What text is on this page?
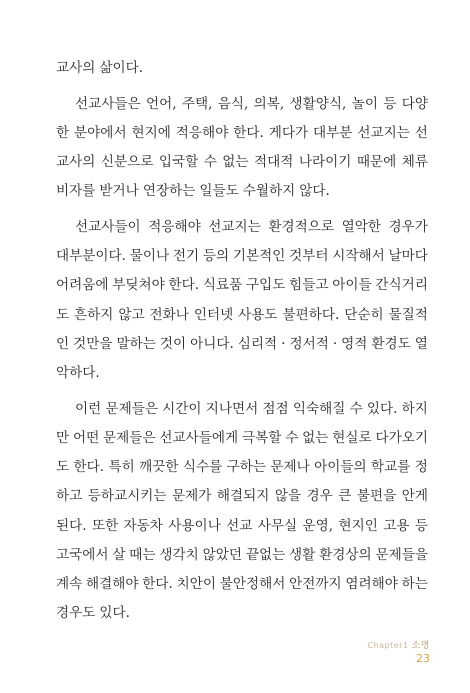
교사의 삶이다.
선교사들은 언어, 주택, 음식, 의복, 생활양식, 놀이 등 다양
한 분야에서 현지에 적응해야 한다. 게다가 대부분 선교지는 선
교사의 신분으로 입국할 수 없는 적대적 나라이기 때문에 체류
비자를 받거나 연장하는 일들도 수월하지 않다.
선교사들이 적응해야 선교지는 환경적으로 열악한 경우가
대부분이다. 물이나 전기 등의 기본적인 것부터 시작해서 날마다
어려움에 부딪쳐야 한다. 식료품 구입도 힘들고 아이들 간식거리
도 흔하지 않고 전화나 인터넷 사용도 불편하다. 단순히 물질적
인 것만을 말하는 것이 아니다. 심리적 · 정서적 · 영적 환경도 열
악하다.
이런 문제들은 시간이 지나면서 점점 익숙해질 수 있다. 하지
만 어떤 문제들은 선교사들에게 극복할 수 없는 현실로 다가오기
도 한다. 특히 깨끗한 식수를 구하는 문제나 아이들의 학교를 정
하고 등하교시키는 문제가 해결되지 않을 경우 큰 불편을 안게
된다. 또한 자동차 사용이나 선교 사무실 운영, 현지인 고용 등
고국에서 살 때는 생각치 않았던 끝없는 생활 환경상의 문제들을
계속 해결해야 한다. 치안이 불안정해서 안전까지 염려해야 하는
경우도 있다.
Chapter1 소명
23
